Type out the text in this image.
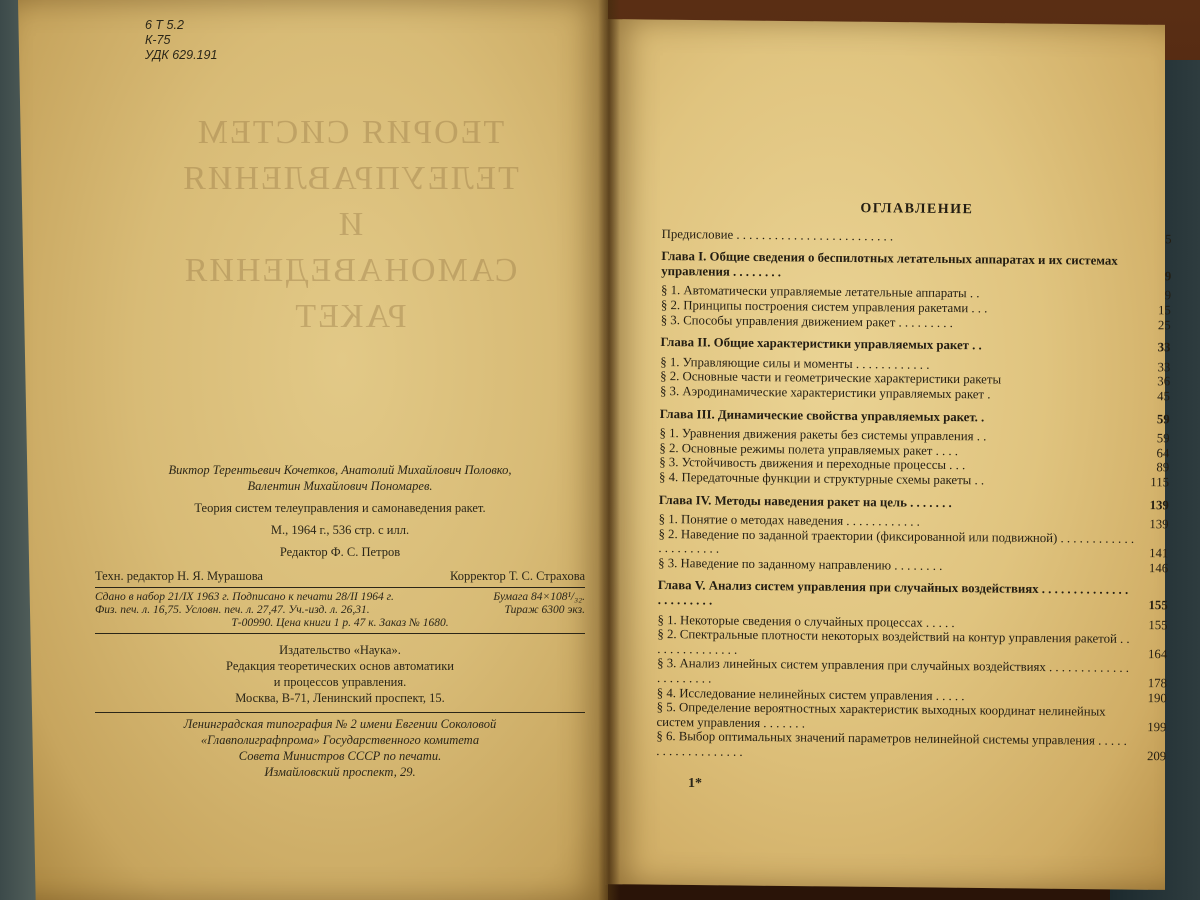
6 Т 5.2
К-75
УДК 629.191
ТЕОРИЯ СИСТЕМ
ТЕЛЕУПРАВЛЕНИЯ
И САМОНАВЕДЕНИЯ
РАКЕТ
Виктор Терентьевич Кочетков, Анатолий Михайлович Половко,
Валентин Михайлович Пономарев.
Теория систем телеуправления и самонаведения ракет.
М., 1964 г., 536 стр. с илл.
Редактор Ф. С. Петров
Техн. редактор Н. Я. Мурашова	Корректор Т. С. Страхова
Сдано в набор 21/IX 1963 г. Подписано к печати 28/II 1964 г.	Бумага 84×108¹/₃₂.
Физ. печ. л. 16,75. Условн. печ. л. 27,47. Уч.-изд. л. 26,31.	Тираж 6300 экз.
Т-00990. Цена книги 1 р. 47 к. Заказ № 1680.
Издательство «Наука».
Редакция теоретических основ автоматики
и процессов управления.
Москва, В-71, Ленинский проспект, 15.
Ленинградская типография № 2 имени Евгении Соколовой
«Главполиграфпрома» Государственного комитета
Совета Министров СССР по печати.
Измайловский проспект, 29.
ОГЛАВЛЕНИЕ
Предисловие . . . . . . . . . . . . . . . . . . . . . . . . .	5
Глава I. Общие сведения о беспилотных летательных аппаратах и их системах управления . . . . . . . .	9
§ 1. Автоматически управляемые летательные аппараты . .	9
§ 2. Принципы построения систем управления ракетами . . .	15
§ 3. Способы управления движением ракет . . . . . . . . .	25
Глава II. Общие характеристики управляемых ракет . .	33
§ 1. Управляющие силы и моменты . . . . . . . . . . . .	33
§ 2. Основные части и геометрические характеристики ракеты	36
§ 3. Аэродинамические характеристики управляемых ракет .	45
Глава III. Динамические свойства управляемых ракет. .	59
§ 1. Уравнения движения ракеты без системы управления . .	59
§ 2. Основные режимы полета управляемых ракет . . . .	64
§ 3. Устойчивость движения и переходные процессы . . .	89
§ 4. Передаточные функции и структурные схемы ракеты . .	115
Глава IV. Методы наведения ракет на цель . . . . . . .	139
§ 1. Понятие о методах наведения . . . . . . . . . . . .	139
§ 2. Наведение по заданной траектории (фиксированной или подвижной) . . . . . . . . . . . . . . . . . . . . . .	141
§ 3. Наведение по заданному направлению . . . . . . . .	146
Глава V. Анализ систем управления при случайных воздействиях . . . . . . . . . . . . . . . . . . . . . . .	155
§ 1. Некоторые сведения о случайных процессах . . . . .	155
§ 2. Спектральные плотности некоторых воздействий на контур управления ракетой . . . . . . . . . . . . . . .	164
§ 3. Анализ линейных систем управления при случайных воздействиях . . . . . . . . . . . . . . . . . . . . . .	178
§ 4. Исследование нелинейных систем управления . . . . .	190
§ 5. Определение вероятностных характеристик выходных координат нелинейных систем управления . . . . . . .	199
§ 6. Выбор оптимальных значений параметров нелинейной системы управления . . . . . . . . . . . . . . . . . . .	209
1*
